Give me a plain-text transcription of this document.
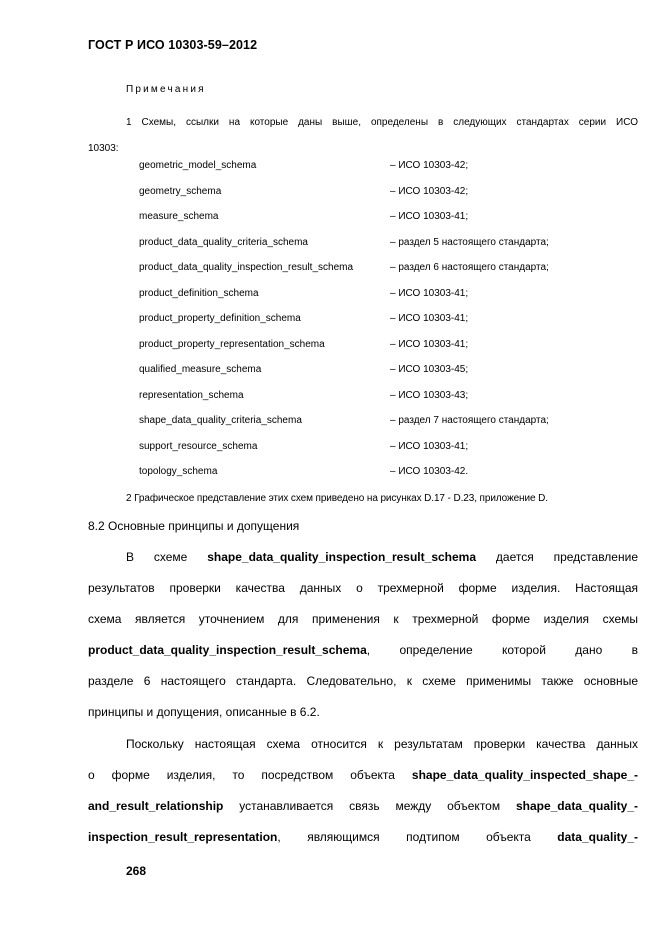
ГОСТ Р ИСО 10303-59–2012
Примечания
1 Схемы, ссылки на которые даны выше, определены в следующих стандартах серии ИСО
10303:
geometric_model_schema	– ИСО 10303-42;
geometry_schema	– ИСО 10303-42;
measure_schema	– ИСО 10303-41;
product_data_quality_criteria_schema	– раздел 5 настоящего стандарта;
product_data_quality_inspection_result_schema	– раздел 6 настоящего стандарта;
product_definition_schema	– ИСО 10303-41;
product_property_definition_schema	– ИСО 10303-41;
product_property_representation_schema	– ИСО 10303-41;
qualified_measure_schema	– ИСО 10303-45;
representation_schema	– ИСО 10303-43;
shape_data_quality_criteria_schema	– раздел 7 настоящего стандарта;
support_resource_schema	– ИСО 10303-41;
topology_schema	– ИСО 10303-42.
2 Графическое представление этих схем приведено на рисунках D.17 - D.23, приложение D.
8.2 Основные принципы и допущения
В схеме shape_data_quality_inspection_result_schema дается представление
результатов проверки качества данных о трехмерной форме изделия. Настоящая
схема является уточнением для применения к трехмерной форме изделия схемы
product_data_quality_inspection_result_schema, определение которой дано в
разделе 6 настоящего стандарта. Следовательно, к схеме применимы также основные
принципы и допущения, описанные в 6.2.
Поскольку настоящая схема относится к результатам проверки качества данных
о форме изделия, то посредством объекта shape_data_quality_inspected_shape_-
and_result_relationship устанавливается связь между объектом shape_data_quality_-
inspection_result_representation, являющимся подтипом объекта data_quality_-
268
